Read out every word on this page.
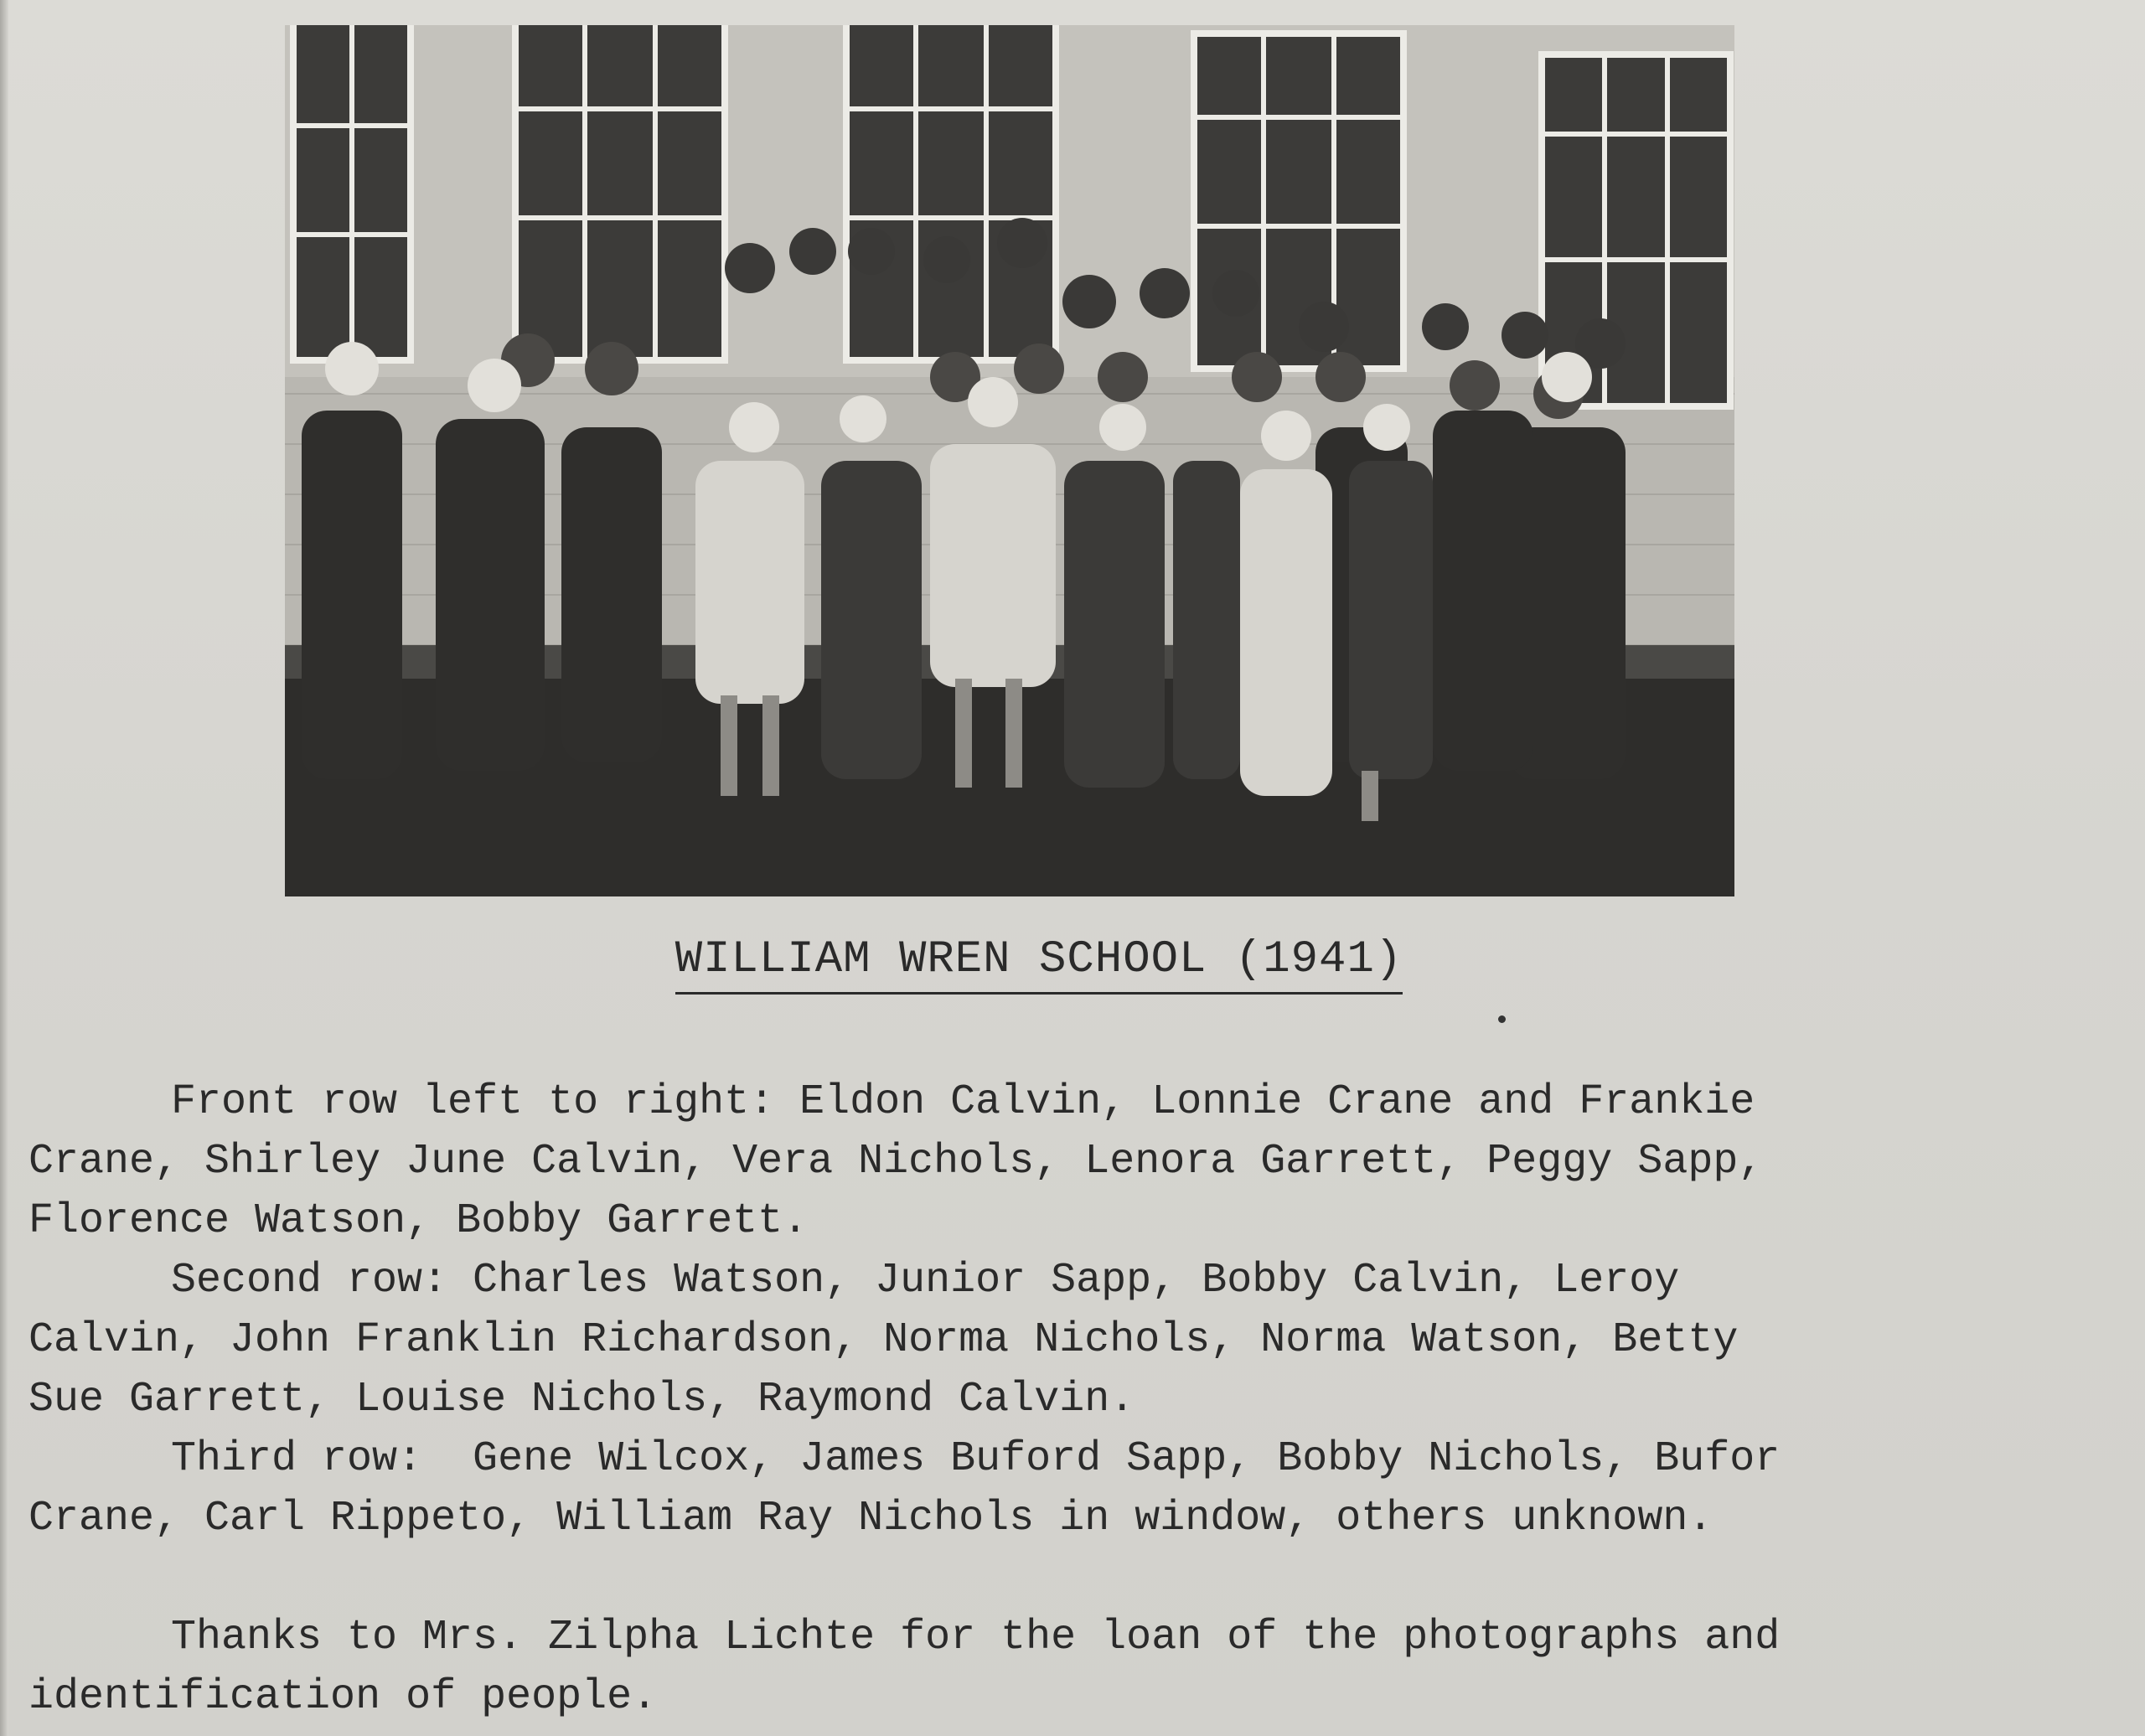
WILLIAM WREN SCHOOL (1941)
Front row left to right: Eldon Calvin, Lonnie Crane and Frankie
Crane, Shirley June Calvin, Vera Nichols, Lenora Garrett, Peggy Sapp,
Florence Watson, Bobby Garrett.
Second row: Charles Watson, Junior Sapp, Bobby Calvin, Leroy
Calvin, John Franklin Richardson, Norma Nichols, Norma Watson, Betty
Sue Garrett, Louise Nichols, Raymond Calvin.
Third row:  Gene Wilcox, James Buford Sapp, Bobby Nichols, Bufor
Crane, Carl Rippeto, William Ray Nichols in window, others unknown.
Thanks to Mrs. Zilpha Lichte for the loan of the photographs and
identification of people.
